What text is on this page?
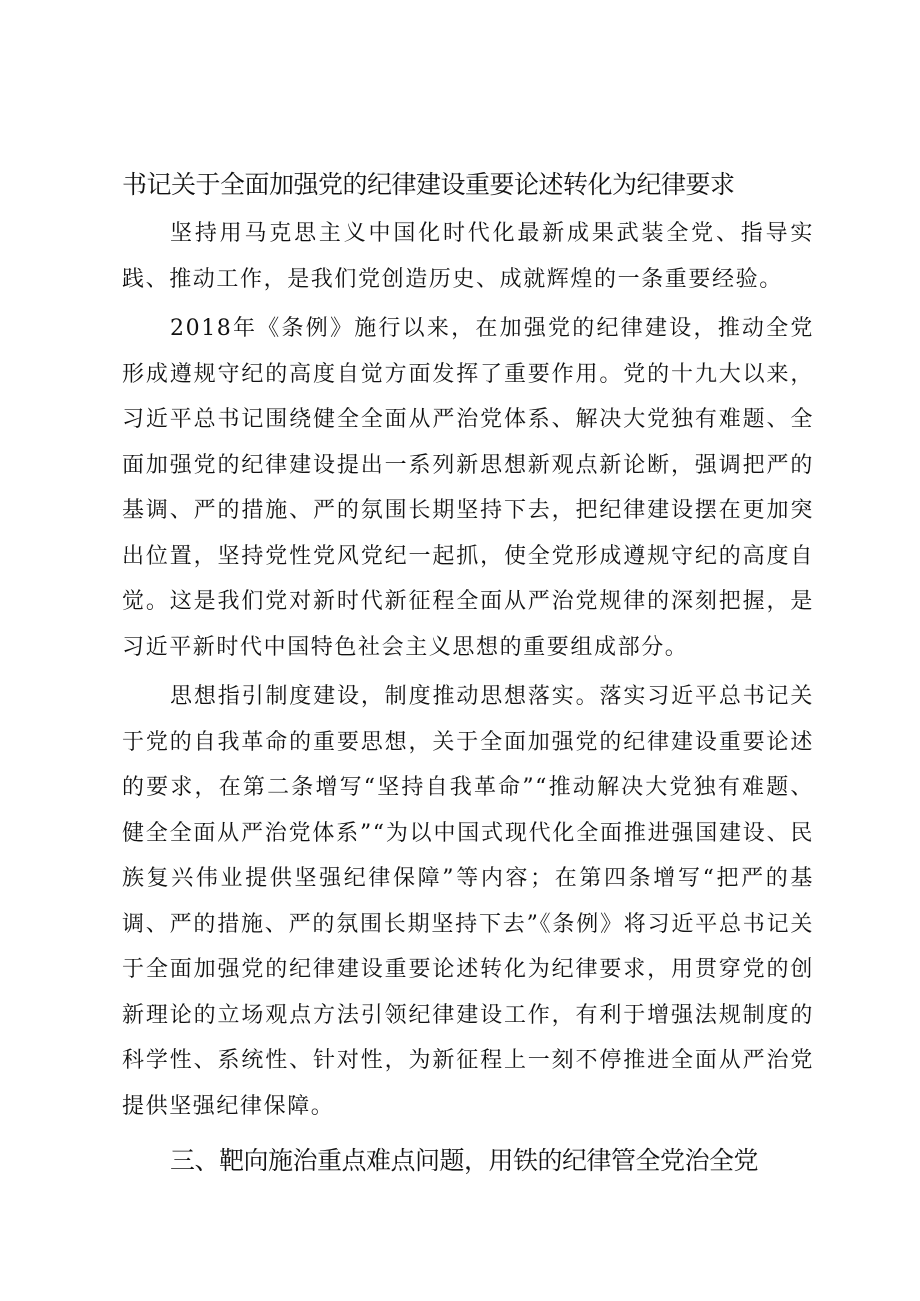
书记关于全面加强党的纪律建设重要论述转化为纪律要求

坚持用马克思主义中国化时代化最新成果武装全党、指导实践、推动工作，是我们党创造历史、成就辉煌的一条重要经验。

2018年《条例》施行以来，在加强党的纪律建设，推动全党形成遵规守纪的高度自觉方面发挥了重要作用。党的十九大以来，习近平总书记围绕健全全面从严治党体系、解决大党独有难题、全面加强党的纪律建设提出一系列新思想新观点新论断，强调把严的基调、严的措施、严的氛围长期坚持下去，把纪律建设摆在更加突出位置，坚持党性党风党纪一起抓，使全党形成遵规守纪的高度自觉。这是我们党对新时代新征程全面从严治党规律的深刻把握，是习近平新时代中国特色社会主义思想的重要组成部分。

思想指引制度建设，制度推动思想落实。落实习近平总书记关于党的自我革命的重要思想，关于全面加强党的纪律建设重要论述的要求，在第二条增写“坚持自我革命”“推动解决大党独有难题、健全全面从严治党体系”“为以中国式现代化全面推进强国建设、民族复兴伟业提供坚强纪律保障”等内容；在第四条增写“把严的基调、严的措施、严的氛围长期坚持下去”《条例》将习近平总书记关于全面加强党的纪律建设重要论述转化为纪律要求，用贯穿党的创新理论的立场观点方法引领纪律建设工作，有利于增强法规制度的科学性、系统性、针对性，为新征程上一刻不停推进全面从严治党提供坚强纪律保障。

三、靶向施治重点难点问题，用铁的纪律管全党治全党
